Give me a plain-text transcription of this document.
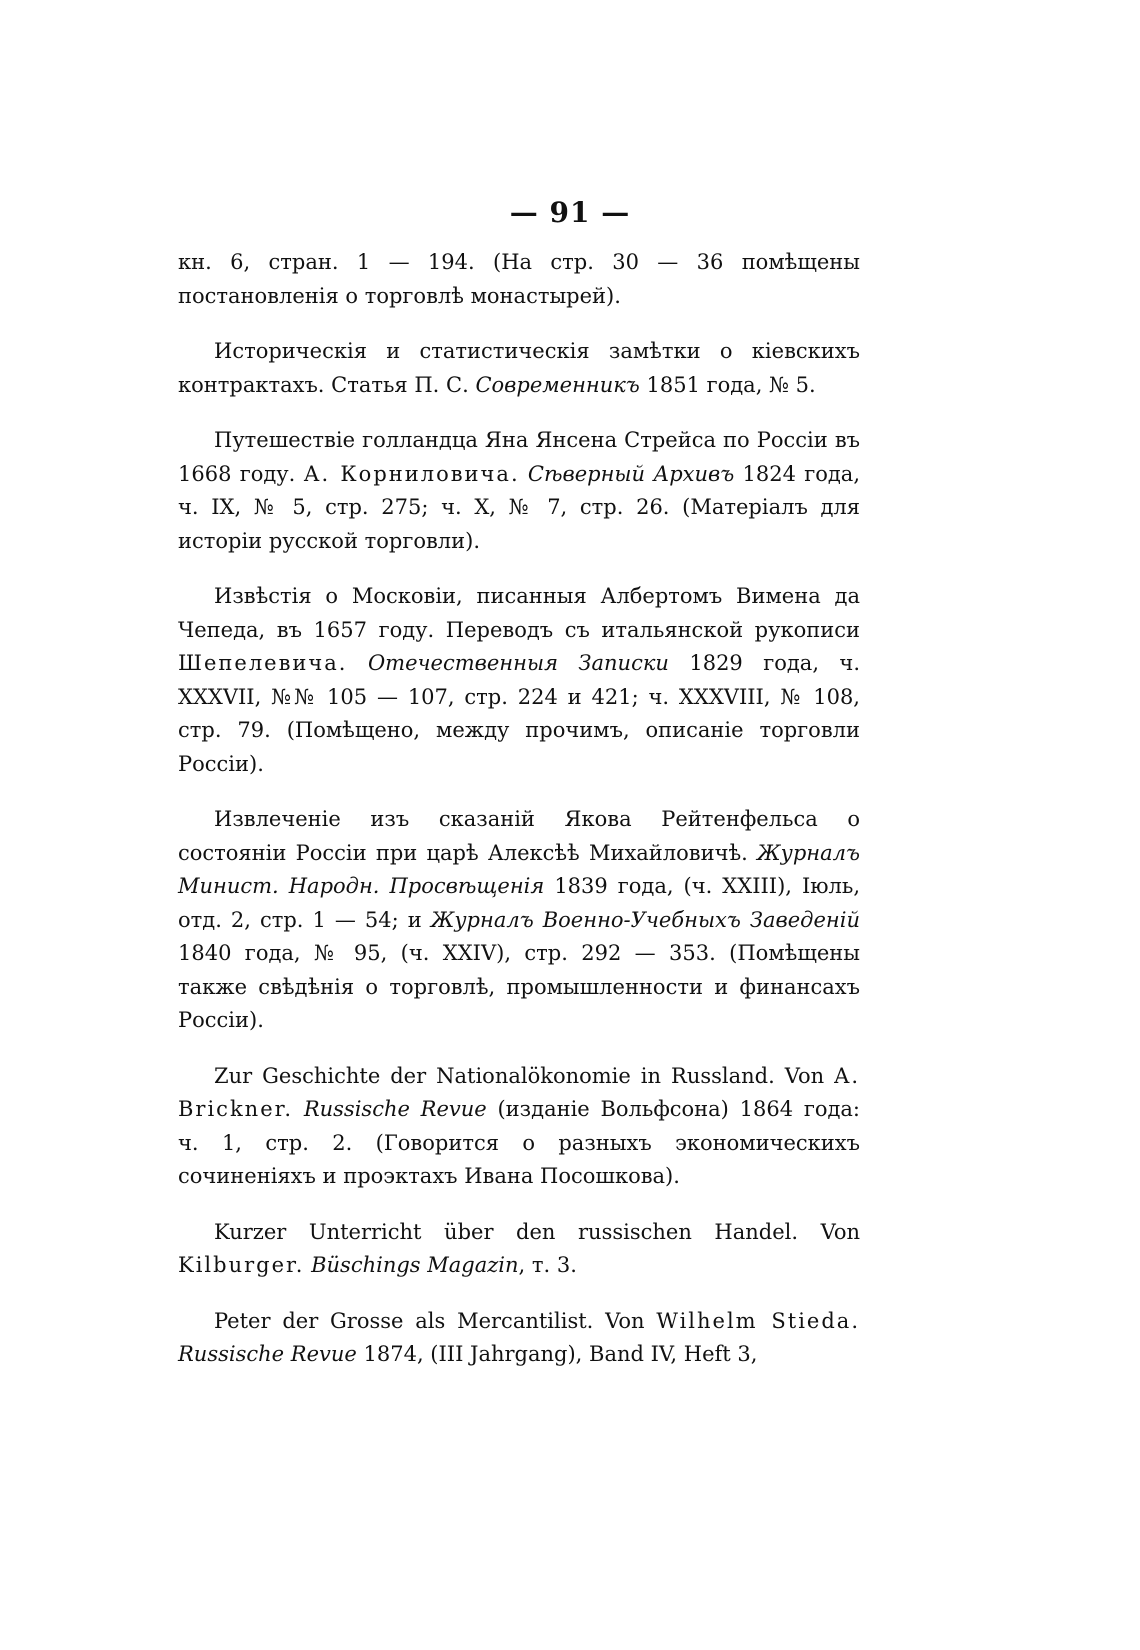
— 91 —

кн. 6, стран. 1 — 194. (На стр. 30 — 36 помѣщены постановленія о торговлѣ монастырей).

Историческія и статистическія замѣтки о кіевскихъ контрактахъ. Статья П. С. Современникъ 1851 года, № 5.

Путешествіе голландца Яна Янсена Стрейса по Россіи въ 1668 году. А. Корниловича. Сѣверный Архивъ 1824 года, ч. IX, № 5, стр. 275; ч. X, № 7, стр. 26. (Матеріалъ для исторіи русской торговли).

Извѣстія о Московіи, писанныя Албертомъ Вимена да Чепеда, въ 1657 году. Переводъ съ итальянской рукописи Шепелевича. Отечественныя Записки 1829 года, ч. XXXVII, №№ 105 — 107, стр. 224 и 421; ч. XXXVIII, № 108, стр. 79. (Помѣщено, между прочимъ, описаніе торговли Россіи).

Извлеченіе изъ сказаній Якова Рейтенфельса о состояніи Россіи при царѣ Алексѣѣ Михайловичѣ. Журналъ Минист. Народн. Просвѣщенія 1839 года, (ч. XXIII), Іюль, отд. 2, стр. 1 — 54; и Журналъ Военно-Учебныхъ Заведеній 1840 года, № 95, (ч. XXIV), стр. 292 — 353. (Помѣщены также свѣдѣнія о торговлѣ, промышленности и финансахъ Россіи).

Zur Geschichte der Nationalökonomie in Russland. Von A. Brickner. Russische Revue (изданіе Вольфсона) 1864 года: ч. 1, стр. 2. (Говорится о разныхъ экономическихъ сочиненіяхъ и проэктахъ Ивана Посошкова).

Kurzer Unterricht über den russischen Handel. Von Kilburger. Büschings Magazin, т. 3.

Peter der Grosse als Mercantilist. Von Wilhelm Stieda. Russische Revue 1874, (III Jahrgang), Band IV, Heft 3,
